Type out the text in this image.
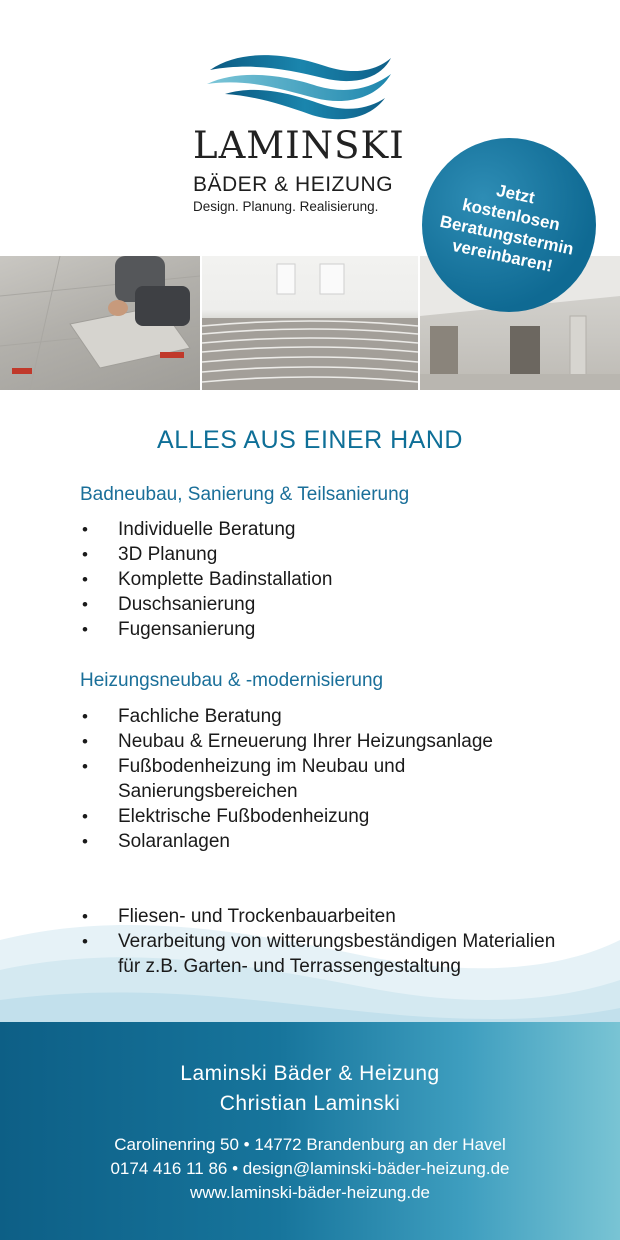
LAMINSKI
BÄDER & HEIZUNG
Design. Planung. Realisierung.	Jetzt
kostenlosen
Beratungstermin
vereinbaren!
ALLES AUS EINER HAND
Badneubau, Sanierung & Teilsanierung
• Individuelle Beratung
• 3D Planung
• Komplette Badinstallation
• Duschsanierung
• Fugensanierung
Heizungsneubau & -modernisierung
• Fachliche Beratung
• Neubau & Erneuerung Ihrer Heizungsanlage
• Fußbodenheizung im Neubau und Sanierungsbereichen
• Elektrische Fußbodenheizung
• Solaranlagen
• Fliesen- und Trockenbauarbeiten
• Verarbeitung von witterungsbeständigen Materialien für z.B. Garten- und Terrassengestaltung
Laminski Bäder & Heizung
Christian Laminski
Carolinenring 50 • 14772 Brandenburg an der Havel
0174 416 11 86 • design@laminski-bäder-heizung.de
www.laminski-bäder-heizung.de
